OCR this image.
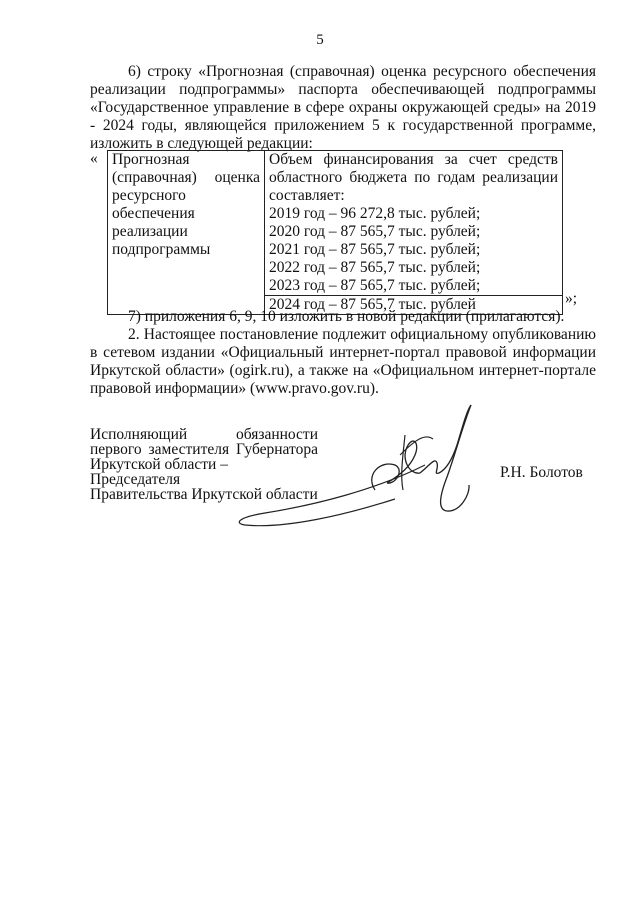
5
6) строку «Прогнозная (справочная) оценка ресурсного обеспечения реализации подпрограммы» паспорта обеспечивающей подпрограммы «Государственное управление в сфере охраны окружающей среды» на 2019 - 2024 годы, являющейся приложением 5 к государственной программе, изложить в следующей редакции:
« Прогнозная
(справочная) оценка
ресурсного
обеспечения
реализации
подпрограммы

Объем финансирования за счет средств областного бюджета по годам реализации составляет:
2019 год – 96 272,8 тыс. рублей;
2020 год – 87 565,7 тыс. рублей;
2021 год – 87 565,7 тыс. рублей;
2022 год – 87 565,7 тыс. рублей;
2023 год – 87 565,7 тыс. рублей;
2024 год – 87 565,7 тыс. рублей	»;
7) приложения 6, 9, 10 изложить в новой редакции (прилагаются).
2. Настоящее постановление подлежит официальному опубликованию в сетевом издании «Официальный интернет-портал правовой информации Иркутской области» (ogirk.ru), а также на «Официальном интернет-портале правовой информации» (www.pravo.gov.ru).
Исполняющий	обязанности
первого заместителя Губернатора
Иркутской области – Председателя
Правительства Иркутской области
Р.Н. Болотов
